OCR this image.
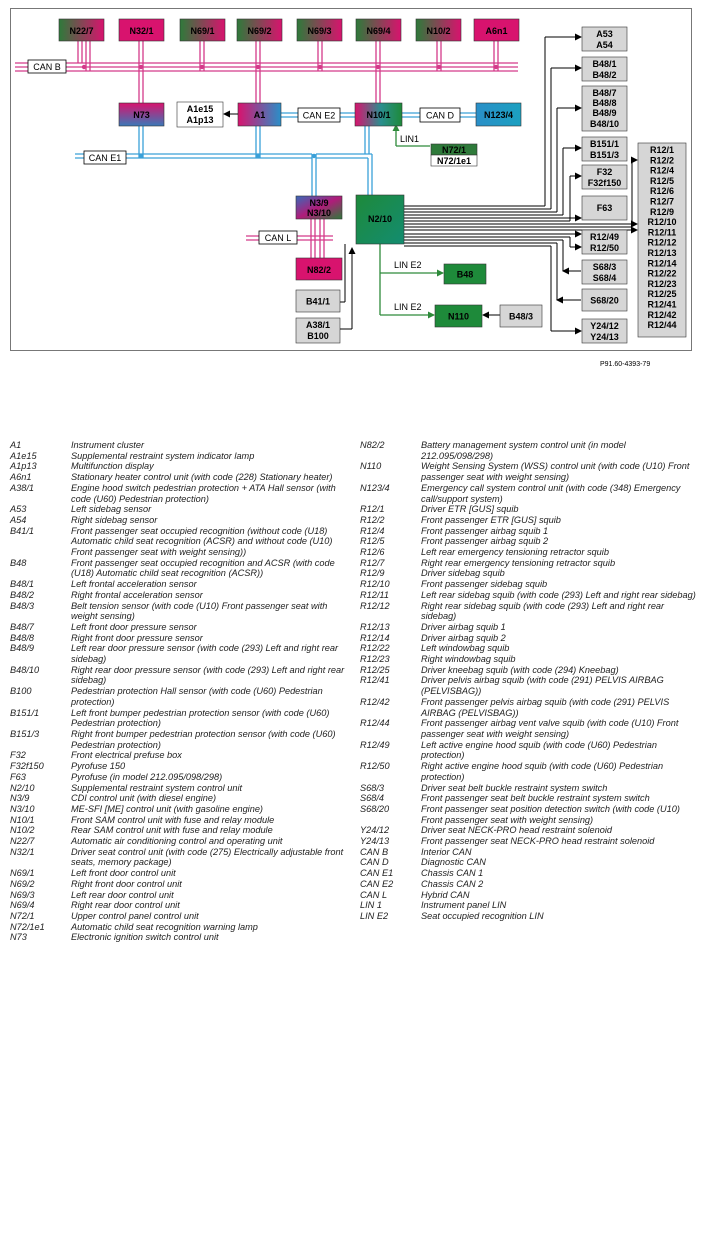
N22/7	N32/1	N69/1	N69/2	N69/3	N69/4	N10/2	A6n1
CAN B
CAN E2	CAN D
CAN E1
CAN L
LIN1
LIN E2
LIN E2
N73
A1e15
A1p13	A1	N10/1	N123/4
N72/1
N72/1e1
N3/9
N3/10
N2/10
N82/2
B41/1
A38/1
B100
B48
N110	B48/3
A53
A54
B48/1
B48/2
B48/7
B48/8
B48/9
B48/10
B151/1
B151/3
F32
F32f150
F63
R12/49
R12/50
S68/3
S68/4
S68/20
Y24/12
Y24/13
R12/1
R12/2
R12/4
R12/5
R12/6
R12/7
R12/9
R12/10
R12/11
R12/12
R12/13
R12/14
R12/22
R12/23
R12/25
R12/41
R12/42
R12/44
P91.60-4393-79
A1	Instrument cluster
A1e15	Supplemental restraint system indicator lamp
A1p13	Multifunction display
A6n1	Stationary heater control unit (with code (228) Stationary heater)
A38/1	Engine hood switch pedestrian protection + ATA Hall sensor (with code (U60) Pedestrian protection)
A53	Left sidebag sensor
A54	Right sidebag sensor
B41/1	Front passenger seat occupied recognition (without code (U18) Automatic child seat recognition (ACSR) and without code (U10) Front passenger seat with weight sensing))
B48	Front passenger seat occupied recognition and ACSR (with code (U18) Automatic child seat recognition (ACSR))
B48/1	Left frontal acceleration sensor
B48/2	Right frontal acceleration sensor
B48/3	Belt tension sensor (with code (U10) Front passenger seat with weight sensing)
B48/7	Left front door pressure sensor
B48/8	Right front door pressure sensor
B48/9	Left rear door pressure sensor (with code (293) Left and right rear sidebag)
B48/10	Right rear door pressure sensor (with code (293) Left and right rear sidebag)
B100	Pedestrian protection Hall sensor (with code (U60) Pedestrian protection)
B151/1	Left front bumper pedestrian protection sensor (with code (U60) Pedestrian protection)
B151/3	Right front bumper pedestrian protection sensor (with code (U60) Pedestrian protection)
F32	Front electrical prefuse box
F32f150	Pyrofuse 150
F63	Pyrofuse (in model 212.095/098/298)
N2/10	Supplemental restraint system control unit
N3/9	CDI control unit (with diesel engine)
N3/10	ME-SFI [ME] control unit (with gasoline engine)
N10/1	Front SAM control unit with fuse and relay module
N10/2	Rear SAM control unit with fuse and relay module
N22/7	Automatic air conditioning control and operating unit
N32/1	Driver seat control unit (with code (275) Electrically adjustable front seats, memory package)
N69/1	Left front door control unit
N69/2	Right front door control unit
N69/3	Left rear door control unit
N69/4	Right rear door control unit
N72/1	Upper control panel control unit
N72/1e1	Automatic child seat recognition warning lamp
N73	Electronic ignition switch control unit
N82/2	Battery management system control unit (in model 212.095/098/298)
N110	Weight Sensing System (WSS) control unit (with code (U10) Front passenger seat with weight sensing)
N123/4	Emergency call system control unit (with code (348) Emergency call/support system)
R12/1	Driver ETR [GUS] squib
R12/2	Front passenger ETR [GUS] squib
R12/4	Front passenger airbag squib 1
R12/5	Front passenger airbag squib 2
R12/6	Left rear emergency tensioning retractor squib
R12/7	Right rear emergency tensioning retractor squib
R12/9	Driver sidebag squib
R12/10	Front passenger sidebag squib
R12/11	Left rear sidebag squib (with code (293) Left and right rear sidebag)
R12/12	Right rear sidebag squib (with code (293) Left and right rear sidebag)
R12/13	Driver airbag squib 1
R12/14	Driver airbag squib 2
R12/22	Left windowbag squib
R12/23	Right windowbag squib
R12/25	Driver kneebag squib (with code (294) Kneebag)
R12/41	Driver pelvis airbag squib (with code (291) PELVIS AIRBAG (PELVISBAG))
R12/42	Front passenger pelvis airbag squib (with code (291) PELVIS AIRBAG (PELVISBAG))
R12/44	Front passenger airbag vent valve squib (with code (U10) Front passenger seat with weight sensing)
R12/49	Left active engine hood squib (with code (U60) Pedestrian protection)
R12/50	Right active engine hood squib (with code (U60) Pedestrian protection)
S68/3	Driver seat belt buckle restraint system switch
S68/4	Front passenger seat belt buckle restraint system switch
S68/20	Front passenger seat position detection switch (with code (U10) Front passenger seat with weight sensing)
Y24/12	Driver seat NECK-PRO head restraint solenoid
Y24/13	Front passenger seat NECK-PRO head restraint solenoid
CAN B	Interior CAN
CAN D	Diagnostic CAN
CAN E1	Chassis CAN 1
CAN E2	Chassis CAN 2
CAN L	Hybrid CAN
LIN 1	Instrument panel LIN
LIN E2	Seat occupied recognition LIN
